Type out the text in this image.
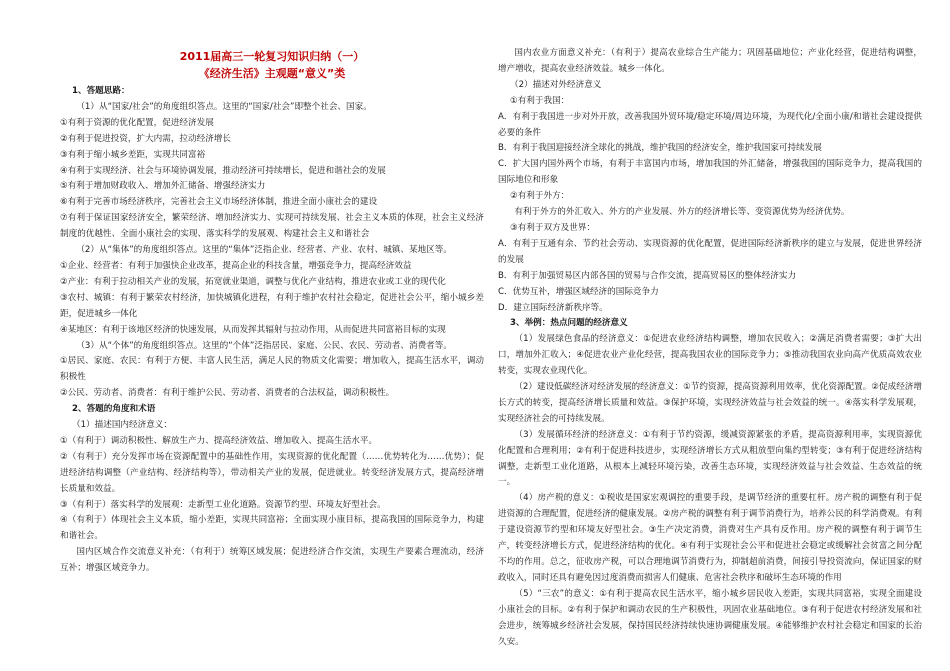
2011届高三一轮复习知识归纳（一）

《经济生活》主观题“意义”类

1、答题思路：

（1）从“国家/社会”的角度组织答点。这里的“国家/社会”即整个社会、国家。

①有利于资源的优化配置，促进经济发展

②有利于促进投资，扩大内需，拉动经济增长

③有利于缩小城乡差距，实现共同富裕

④有利于实现经济、社会与环境协调发展，推动经济可持续增长，促进和谐社会的发展

⑤有利于增加财政收入、增加外汇储备、增强经济实力

⑥有利于完善市场经济秩序，完善社会主义市场经济体制，推进全面小康社会的建设

⑦有利于保证国家经济安全，繁荣经济、增加经济实力、实现可持续发展、社会主义本质的体现，社会主义经济制度的优越性、全面小康社会的实现、落实科学的发展观、构建社会主义和谐社会

（2）从“集体”的角度组织答点。这里的“集体”泛指企业、经营者、产业、农村、城镇、某地区等。

①企业、经营者：有利于加强快企业改革，提高企业的科技含量，增强竞争力，提高经济效益

②产业：有利于拉动相关产业的发展，拓宽就业渠道，调整与优化产业结构，推进农业或工业的现代化

③农村、城镇：有利于繁荣农村经济，加快城镇化进程，有利于维护农村社会稳定，促进社会公平，缩小城乡差距，促进城乡一体化

④某地区：有利于该地区经济的快速发展，从而发挥其辐射与拉动作用，从而促进共同富裕目标的实现

（3）从“个体”的角度组织答点。这里的“个体”泛指居民、家庭、公民、农民、劳动者、消费者等。

①居民、家庭、农民：有利于方便、丰富人民生活，满足人民的物质文化需要；增加收入，提高生活水平，调动积极性

②公民、劳动者、消费者：有利于维护公民、劳动者、消费者的合法权益，调动积极性。

2、答题的角度和术语

（1）描述国内经济意义：

①（有利于）调动积极性、解放生产力、提高经济效益、增加收入、提高生活水平。

②（有利于）充分发挥市场在资源配置中的基础性作用，实现资源的优化配置（……优势转化为……优势）；促进经济结构调整（产业结构、经济结构等），带动相关产业的发展，促进就业。转变经济发展方式，提高经济增长质量和效益。

③（有利于）落实科学的发展观：走新型工业化道路。资源节约型、环境友好型社会。

④（有利于）体现社会主义本质，缩小差距，实现共同富裕；全面实现小康目标，提高我国的国际竞争力，构建和谐社会。

国内区域合作交流意义补充：（有利于）统筹区域发展；促进经济合作交流，实现生产要素合理流动，经济互补；增强区域竞争力。

国内农业方面意义补充：（有利于）提高农业综合生产能力；巩固基础地位；产业化经营，促进结构调整，增产增收，提高农业经济效益。城乡一体化。

（2）描述对外经济意义

①有利于我国：

A．有利于我国进一步对外开放，改善我国外贸环境/稳定环境/周边环境，为现代化/全面小康/和谐社会建设提供必要的条件

B．有利于我国迎接经济全球化的挑战，维护我国的经济安全，维护我国家可持续发展

C．扩大国内国外两个市场，有利于丰富国内市场，增加我国的外汇储备，增强我国的国际竞争力，提高我国的国际地位和形象

②有利于外方：

有利于外方的外汇收入、外方的产业发展、外方的经济增长等、变资源优势为经济优势。

③有利于双方及世界：

A．有利于互通有余、节约社会劳动、实现资源的优化配置，促进国际经济新秩序的建立与发展，促进世界经济的发展

B．有利于加强贸易区内部各国的贸易与合作交流，提高贸易区的整体经济实力

C．优势互补，增强区域经济的国际竞争力

D．建立国际经济新秩序等。

3、举例：热点问题的经济意义

（1）发展绿色食品的经济意义：①促进农业经济结构调整，增加农民收入；②满足消费者需要；③扩大出口，增加外汇收入；④促进农业产业化经营，提高我国农业的国际竞争力；⑤推动我国农业向高产优质高效农业转变，实现农业现代化。

（2）建设低碳经济对经济发展的经济意义：①节约资源，提高资源利用效率，优化资源配置。②促成经济增长方式的转变，提高经济增长质量和效益。③保护环境，实现经济效益与社会效益的统一。④落实科学发展观，实现经济社会的可持续发展。

（3）发展循环经济的经济意义：①有利于节约资源，缓减资源紧张的矛盾，提高资源利用率，实现资源优化配置和合理利用；②有利于促进科技进步，实现经济增长方式从粗放型向集约型转变；③有利于促进经济结构调整，走新型工业化道路，从根本上减轻环境污染，改善生态环境，实现经济效益与社会效益、生态效益的统一。

（4）房产税的意义：①税收是国家宏观调控的重要手段，是调节经济的重要杠杆。房产税的调整有利于促进资源的合理配置，促进经济的健康发展。②房产税的调整有利于调节消费行为，培养公民的科学消费观。有利于建设资源节约型和环境友好型社会。③生产决定消费，消费对生产具有反作用。房产税的调整有利于调节生产，转变经济增长方式，促进经济结构的优化。④有利于实现社会公平和促进社会稳定或缓解社会贫富之间分配不均的作用。总之，征收房产税，可以合理地调节消费行为，抑制超前消费，间接引导投资流向，保证国家的财政收入，同时还具有避免因过度消费而损害人们健康、危害社会秩序和破坏生态环境的作用

（5）“三农”的意义：①有利于提高农民生活水平，缩小城乡居民收入差距，实现共同富裕，实现全面建设小康社会的目标。②有利于保护和调动农民的生产积极性，巩固农业基础地位。③有利于促进农村经济发展和社会进步，统筹城乡经济社会发展，保持国民经济持续快速协调健康发展。④能够维护农村社会稳定和国家的长治久安。
